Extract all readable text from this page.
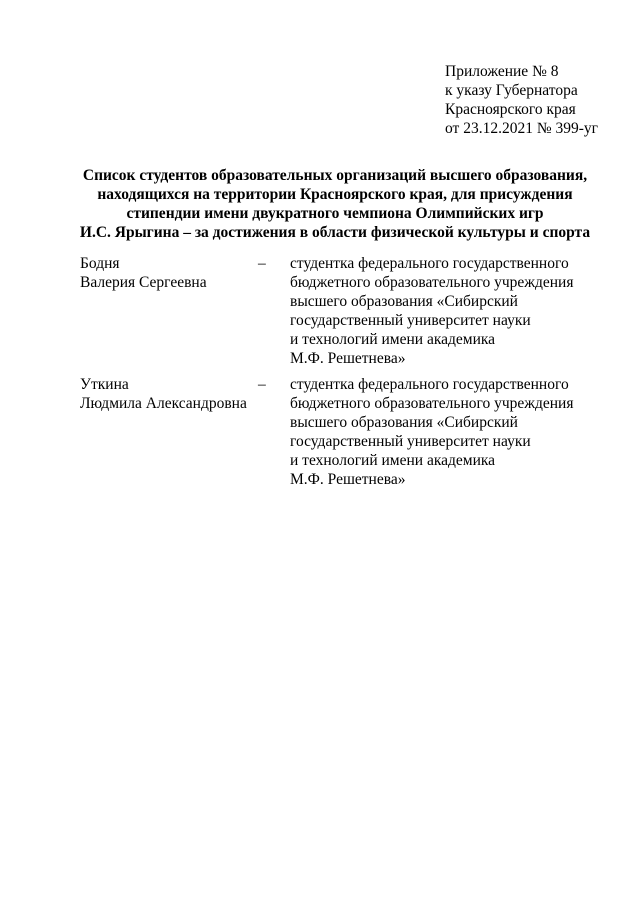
Приложение № 8
к указу Губернатора
Красноярского края
от 23.12.2021 № 399-уг
Список студентов образовательных организаций высшего образования,
находящихся на территории Красноярского края, для присуждения
стипендии имени двукратного чемпиона Олимпийских игр
И.С. Ярыгина – за достижения в области физической культуры и спорта
Бодня
Валерия Сергеевна
– студентка федерального государственного
бюджетного образовательного учреждения
высшего образования «Сибирский
государственный университет науки
и технологий имени академика
М.Ф. Решетнева»
Уткина
Людмила Александровна
– студентка федерального государственного
бюджетного образовательного учреждения
высшего образования «Сибирский
государственный университет науки
и технологий имени академика
М.Ф. Решетнева»
